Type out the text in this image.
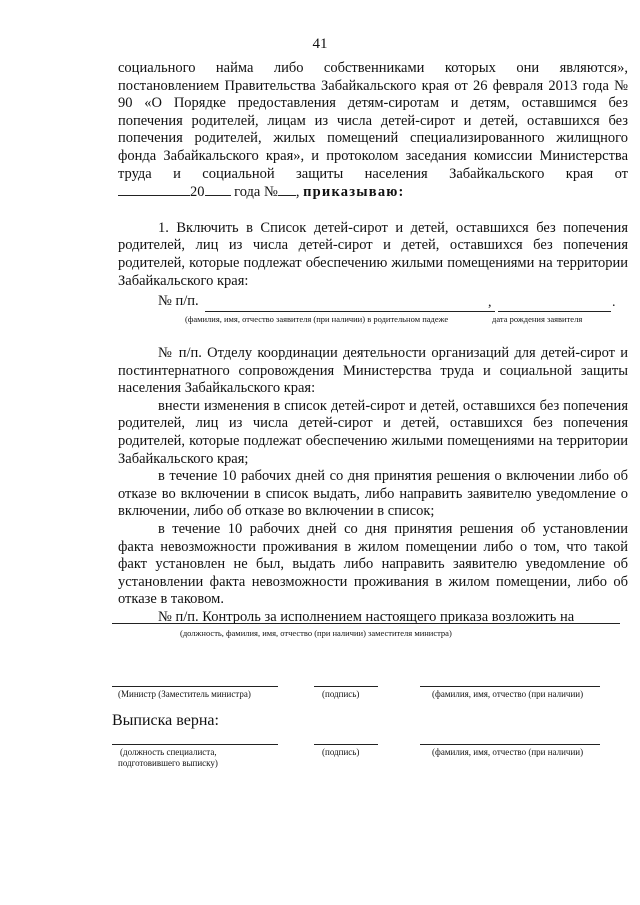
41
социального найма либо собственниками которых они являются»,

постановлением Правительства Забайкальского края от 26 февраля 2013 года № 90 «О Порядке предоставления детям-сиротам и детям, оставшимся без попечения родителей, лицам из числа детей-сирот и детей, оставшихся без попечения родителей, жилых помещений специализированного жилищного фонда Забайкальского края», и протоколом заседания комиссии Министерства труда и социальной защиты населения Забайкальского края от

20 года № , приказываю:

1. Включить в Список детей-сирот и детей, оставшихся без попечения родителей, лиц из числа детей-сирот и детей, оставшихся без попечения родителей, которые подлежат обеспечению жилыми помещениями на территории Забайкальского края:

№ п/п.	,	.
(фамилия, имя, отчество заявителя (при наличии) в родительном падеже	дата рождения заявителя

№ п/п. Отделу координации деятельности организаций для детей-сирот и постинтернатного сопровождения Министерства труда и социальной защиты населения Забайкальского края:

внести изменения в список детей-сирот и детей, оставшихся без попечения родителей, лиц из числа детей-сирот и детей, оставшихся без попечения родителей, которые подлежат обеспечению жилыми помещениями на территории Забайкальского края;

в течение 10 рабочих дней со дня принятия решения о включении либо об отказе во включении в список выдать, либо направить заявителю уведомление о включении, либо об отказе во включении в список;

в течение 10 рабочих дней со дня принятия решения об установлении факта невозможности проживания в жилом помещении либо о том, что такой факт установлен не был, выдать либо направить заявителю уведомление об установлении факта невозможности проживания в жилом помещении, либо об отказе в таковом.

№ п/п. Контроль за исполнением настоящего приказа возложить на

(должность, фамилия, имя, отчество (при наличии) заместителя министра)
(Министр (Заместитель министра)	(подпись)	(фамилия, имя, отчество (при наличии)
Выписка верна:
(должность специалиста,
подготовившего выписку)
(подпись)	(фамилия, имя, отчество (при наличии)
